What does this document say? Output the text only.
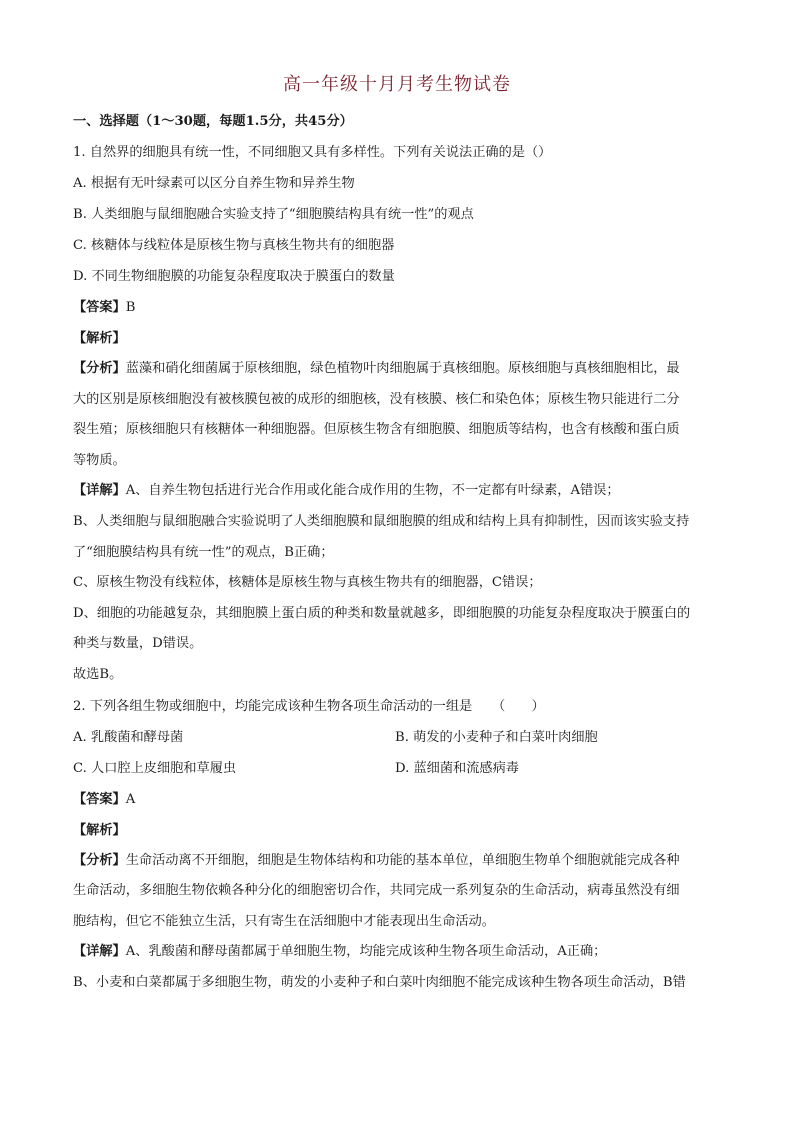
高一年级十月月考生物试卷
一、选择题（1～30题，每题1.5分，共45分）
1. 自然界的细胞具有统一性，不同细胞又具有多样性。下列有关说法正确的是（）
A. 根据有无叶绿素可以区分自养生物和异养生物
B. 人类细胞与鼠细胞融合实验支持了“细胞膜结构具有统一性”的观点
C. 核糖体与线粒体是原核生物与真核生物共有的细胞器
D. 不同生物细胞膜的功能复杂程度取决于膜蛋白的数量
【答案】B
【解析】
【分析】蓝藻和硝化细菌属于原核细胞，绿色植物叶肉细胞属于真核细胞。原核细胞与真核细胞相比，最
大的区别是原核细胞没有被核膜包被的成形的细胞核，没有核膜、核仁和染色体；原核生物只能进行二分
裂生殖；原核细胞只有核糖体一种细胞器。但原核生物含有细胞膜、细胞质等结构，也含有核酸和蛋白质
等物质。
【详解】A、自养生物包括进行光合作用或化能合成作用的生物，不一定都有叶绿素，A错误；
B、人类细胞与鼠细胞融合实验说明了人类细胞膜和鼠细胞膜的组成和结构上具有抑制性，因而该实验支持
了“细胞膜结构具有统一性”的观点，B正确；
C、原核生物没有线粒体，核糖体是原核生物与真核生物共有的细胞器，C错误；
D、细胞的功能越复杂，其细胞膜上蛋白质的种类和数量就越多，即细胞膜的功能复杂程度取决于膜蛋白的
种类与数量，D错误。
故选B。
2. 下列各组生物或细胞中，均能完成该种生物各项生命活动的一组是　　（　　）
A. 乳酸菌和酵母菌	B. 萌发的小麦种子和白菜叶肉细胞
C. 人口腔上皮细胞和草履虫	D. 蓝细菌和流感病毒
【答案】A
【解析】
【分析】生命活动离不开细胞，细胞是生物体结构和功能的基本单位，单细胞生物单个细胞就能完成各种
生命活动，多细胞生物依赖各种分化的细胞密切合作，共同完成一系列复杂的生命活动，病毒虽然没有细
胞结构，但它不能独立生活，只有寄生在活细胞中才能表现出生命活动。
【详解】A、乳酸菌和酵母菌都属于单细胞生物，均能完成该种生物各项生命活动，A正确；
B、小麦和白菜都属于多细胞生物，萌发的小麦种子和白菜叶肉细胞不能完成该种生物各项生命活动，B错
